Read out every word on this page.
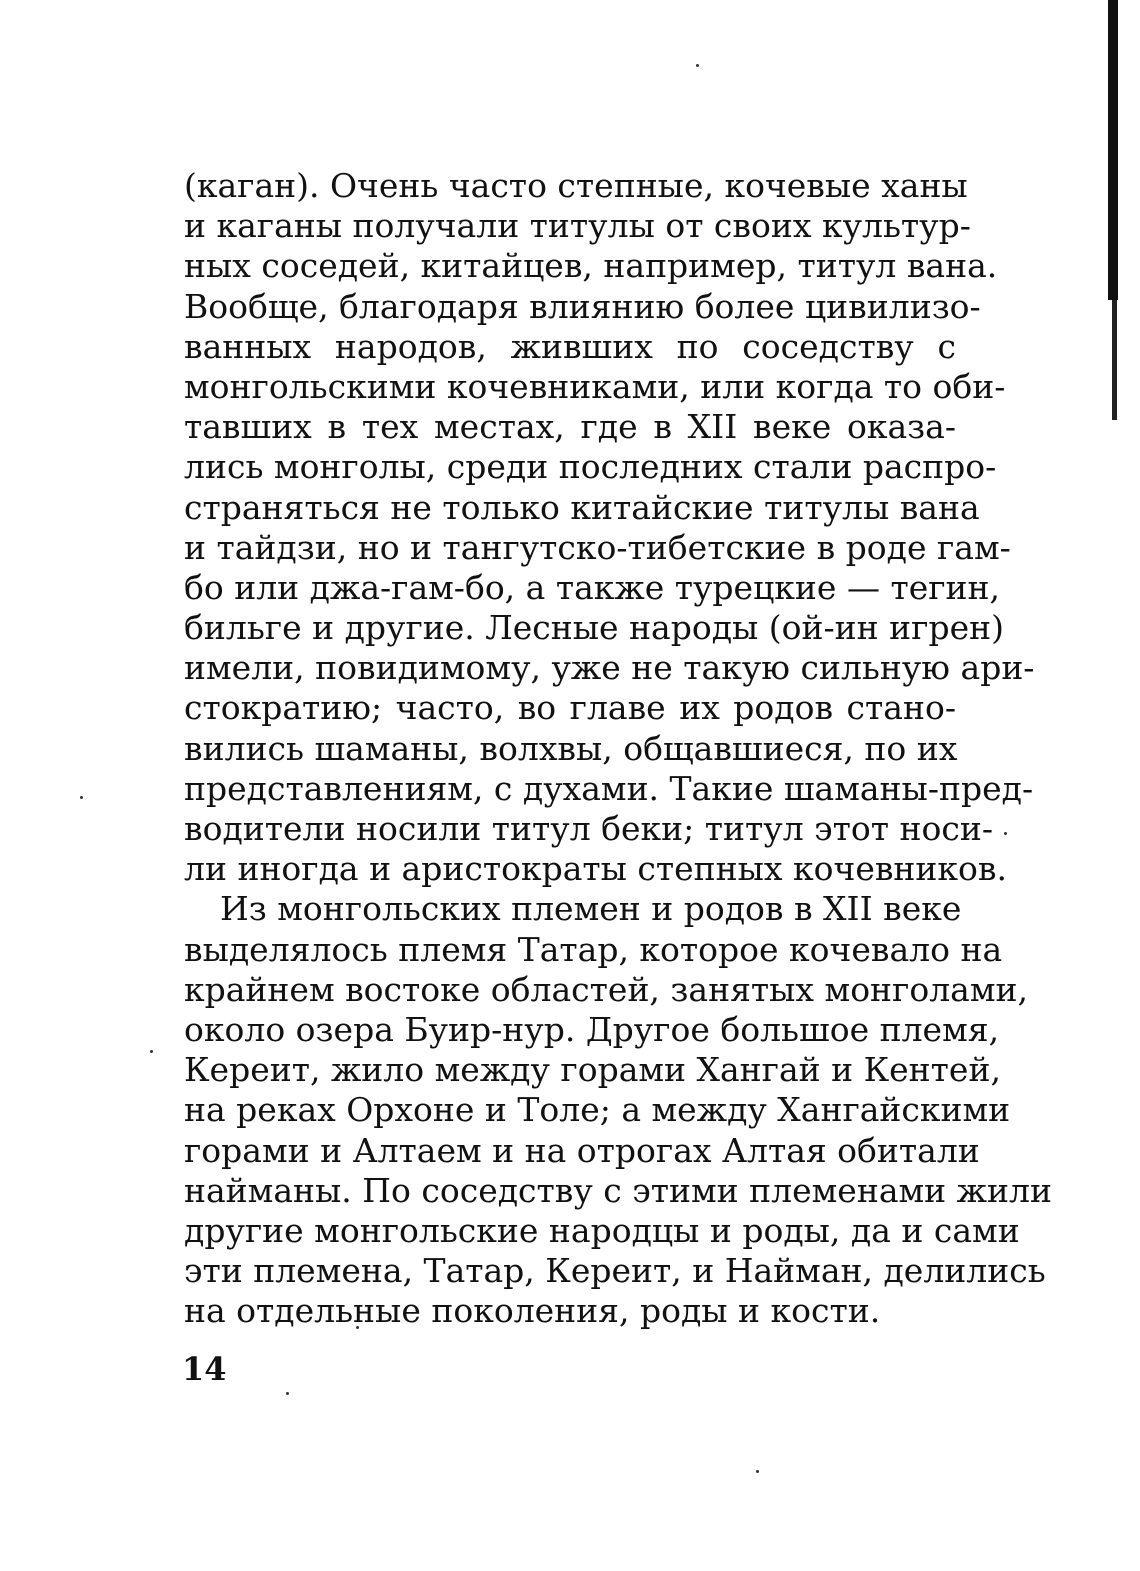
(каган). Очень часто степные, кочевые ханы
и каганы получали титулы от своих культур-
ных соседей, китайцев, например, титул вана.
Вообще, благодаря влиянию более цивилизо-
ванных народов, живших по соседству с
монгольскими кочевниками, или когда то оби-
тавших в тех местах, где в XII веке оказа-
лись монголы, среди последних стали распро-
страняться не только китайские титулы вана
и тайдзи, но и тангутско-тибетские в роде гам-
бо или джа-гам-бо, а также турецкие — тегин,
бильге и другие. Лесные народы (ой-ин игрен)
имели, повидимому, уже не такую сильную ари-
стократию; часто, во главе их родов стано-
вились шаманы, волхвы, общавшиеся, по их
представлениям, с духами. Такие шаманы-пред-
водители носили титул беки; титул этот носи-
ли иногда и аристократы степных кочевников.
Из монгольских племен и родов в XII веке
выделялось племя Татар, которое кочевало на
крайнем востоке областей, занятых монголами,
около озера Буир-нур. Другое большое племя,
Кереит, жило между горами Хангай и Кентей,
на реках Орхоне и Толе; а между Хангайскими
горами и Алтаем и на отрогах Алтая обитали
найманы. По соседству с этими племенами жили
другие монгольские народцы и роды, да и сами
эти племена, Татар, Кереит, и Найман, делились
на отдельные поколения, роды и кости.
14
